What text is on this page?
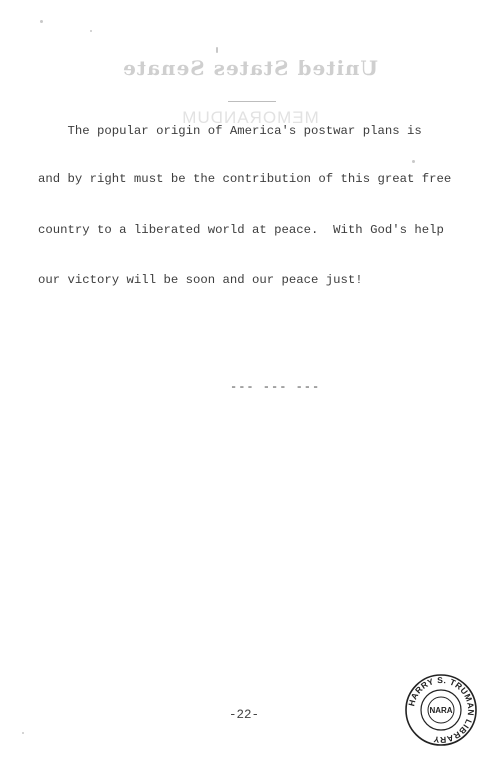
United States Senate
MEMORANDUM
The popular origin of America's postwar plans is
and by right must be the contribution of this great free
country to a liberated world at peace.  With God's help
our victory will be soon and our peace just!
--- --- ---
-22-
HARRY S. TRUMAN LIBRARY
NARA
